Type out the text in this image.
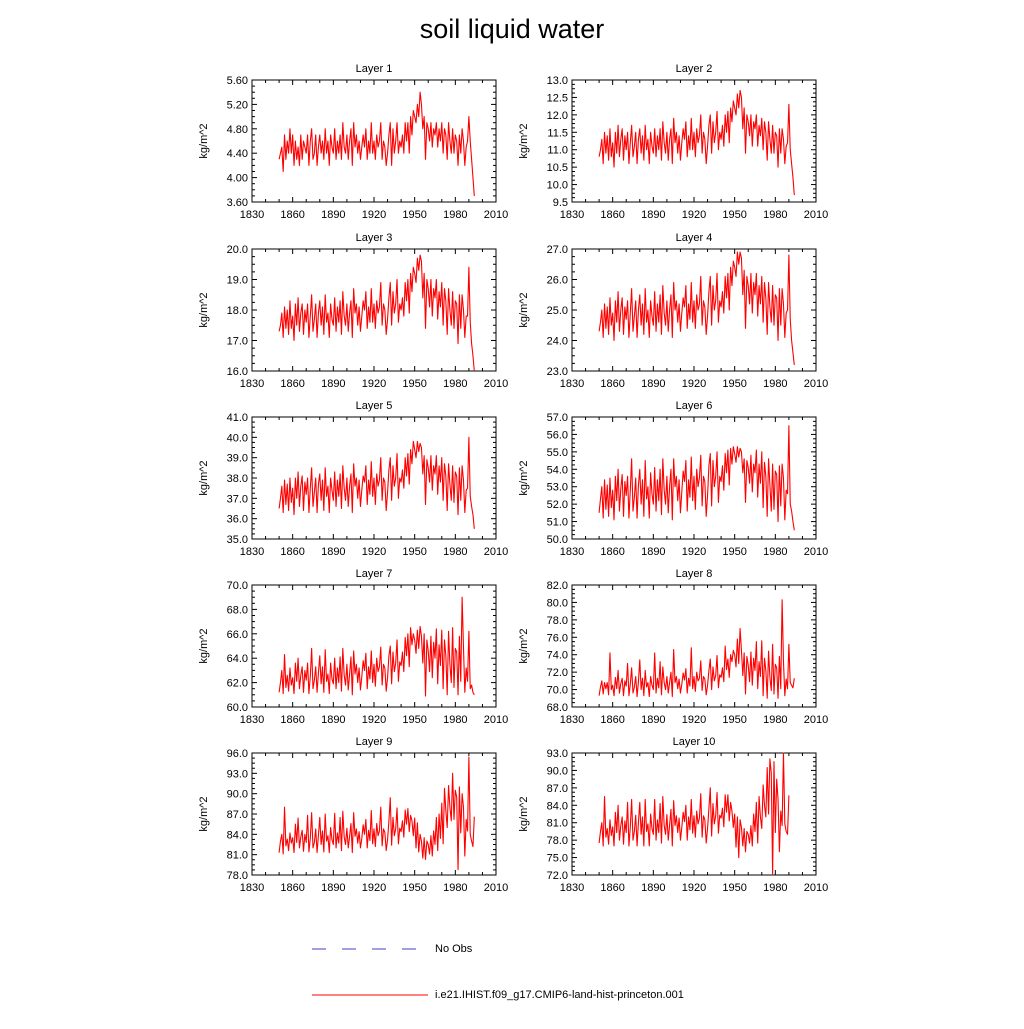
soil liquid water
Layer 1
1830 1860 1890 1920 1950 1980 2010
3.60
4.00
4.40
4.80
5.20
5.60
kg/m^2
Layer 2
1830 1860 1890 1920 1950 1980 2010
9.5
10.0
10.5
11.0
11.5
12.0
12.5
13.0
kg/m^2
Layer 3
1830 1860 1890 1920 1950 1980 2010
16.0
17.0
18.0
19.0
20.0
kg/m^2
Layer 4
1830 1860 1890 1920 1950 1980 2010
23.0
24.0
25.0
26.0
27.0
kg/m^2
Layer 5
1830 1860 1890 1920 1950 1980 2010
35.0
36.0
37.0
38.0
39.0
40.0
41.0
kg/m^2
Layer 6
1830 1860 1890 1920 1950 1980 2010
50.0
51.0
52.0
53.0
54.0
55.0
56.0
57.0
kg/m^2
Layer 7
1830 1860 1890 1920 1950 1980 2010
60.0
62.0
64.0
66.0
68.0
70.0
kg/m^2
Layer 8
1830 1860 1890 1920 1950 1980 2010
68.0
70.0
72.0
74.0
76.0
78.0
80.0
82.0
kg/m^2
Layer 9
1830 1860 1890 1920 1950 1980 2010
78.0
81.0
84.0
87.0
90.0
93.0
96.0
kg/m^2
Layer 10
1830 1860 1890 1920 1950 1980 2010
72.0
75.0
78.0
81.0
84.0
87.0
90.0
93.0
kg/m^2
No Obs
i.e21.IHIST.f09_g17.CMIP6-land-hist-princeton.001
